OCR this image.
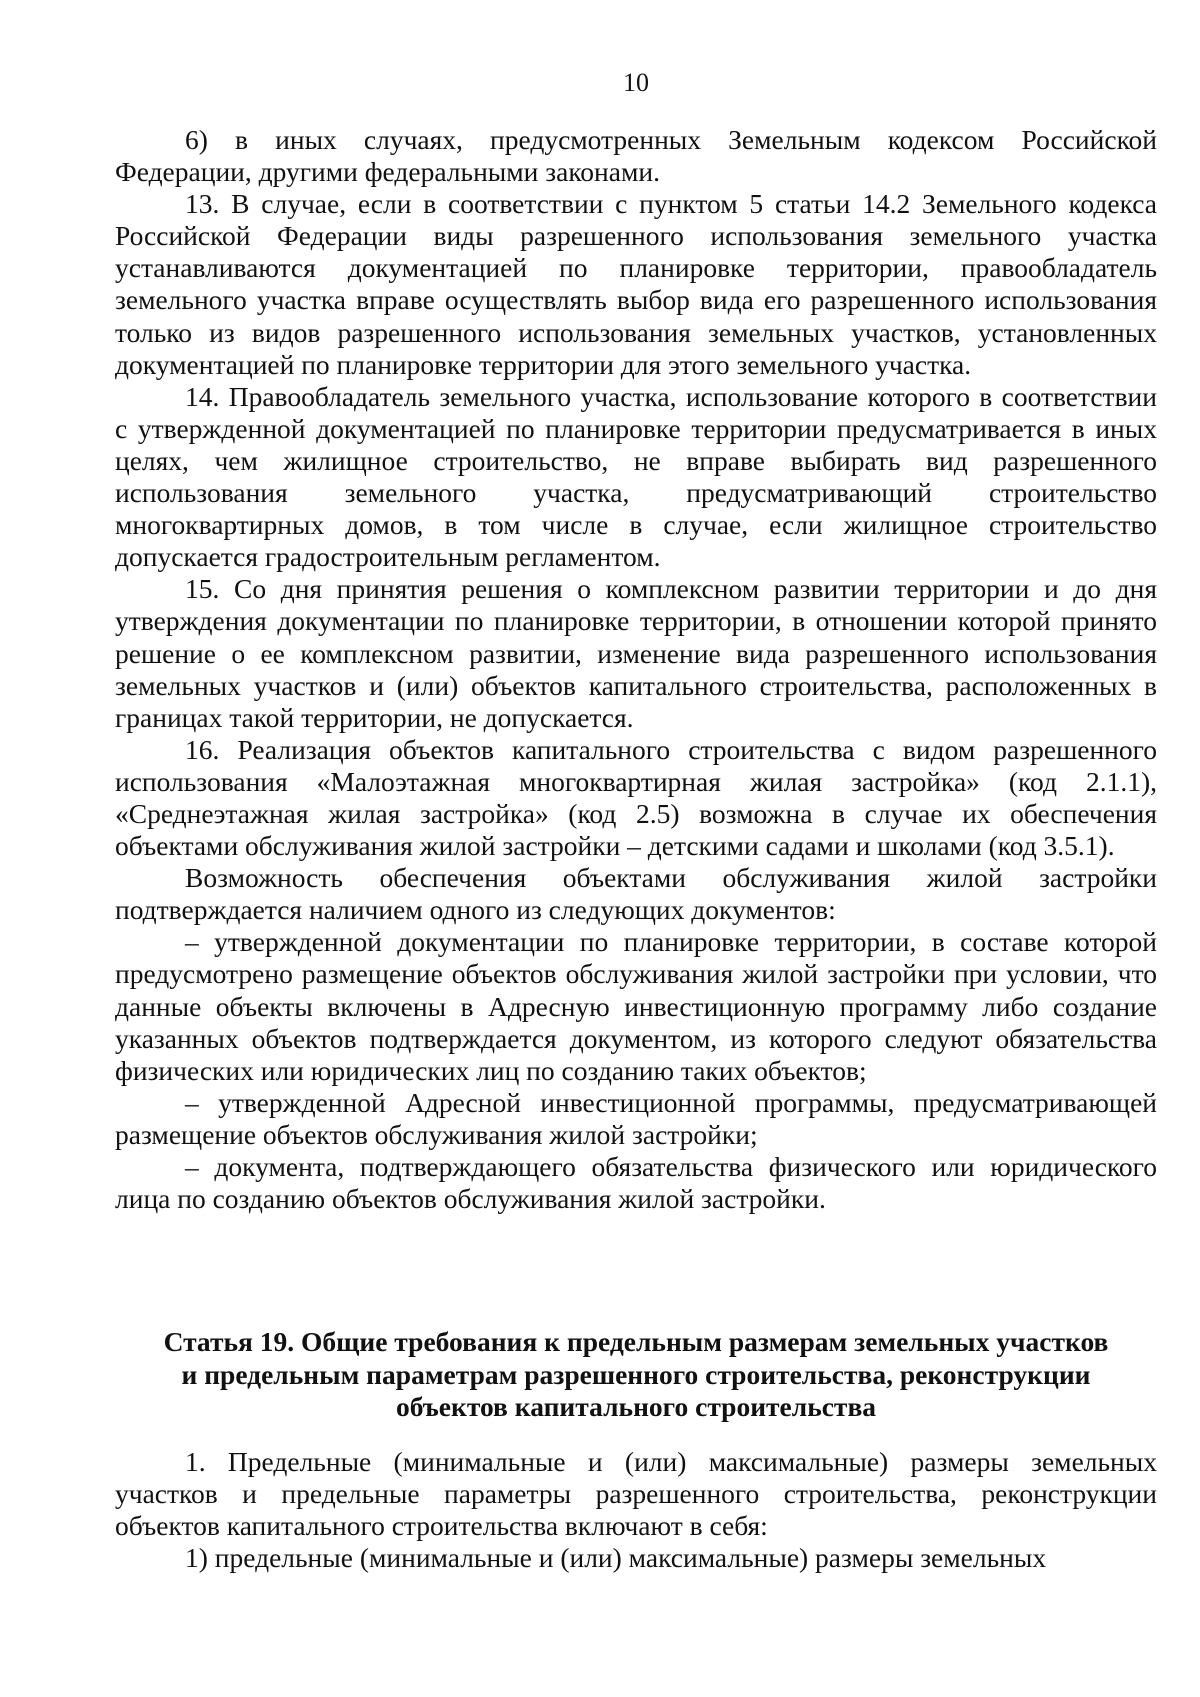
10

6) в иных случаях, предусмотренных Земельным кодексом Российской Федерации, другими федеральными законами.

13. В случае, если в соответствии с пунктом 5 статьи 14.2 Земельного кодекса Российской Федерации виды разрешенного использования земельного участка устанавливаются документацией по планировке территории, правообладатель земельного участка вправе осуществлять выбор вида его разрешенного использования только из видов разрешенного использования земельных участков, установленных документацией по планировке территории для этого земельного участка.

14. Правообладатель земельного участка, использование которого в соответствии с утвержденной документацией по планировке территории предусматривается в иных целях, чем жилищное строительство, не вправе выбирать вид разрешенного использования земельного участка, предусматривающий строительство многоквартирных домов, в том числе в случае, если жилищное строительство допускается градостроительным регламентом.

15. Со дня принятия решения о комплексном развитии территории и до дня утверждения документации по планировке территории, в отношении которой принято решение о ее комплексном развитии, изменение вида разрешенного использования земельных участков и (или) объектов капитального строительства, расположенных в границах такой территории, не допускается.

16. Реализация объектов капитального строительства с видом разрешенного использования «Малоэтажная многоквартирная жилая застройка» (код 2.1.1), «Среднеэтажная жилая застройка» (код 2.5) возможна в случае их обеспечения объектами обслуживания жилой застройки – детскими садами и школами (код 3.5.1).

Возможность обеспечения объектами обслуживания жилой застройки подтверждается наличием одного из следующих документов:

– утвержденной документации по планировке территории, в составе которой предусмотрено размещение объектов обслуживания жилой застройки при условии, что данные объекты включены в Адресную инвестиционную программу либо создание указанных объектов подтверждается документом, из которого следуют обязательства физических или юридических лиц по созданию таких объектов;

– утвержденной Адресной инвестиционной программы, предусматривающей размещение объектов обслуживания жилой застройки;

– документа, подтверждающего обязательства физического или юридического лица по созданию объектов обслуживания жилой застройки.

Статья 19. Общие требования к предельным размерам земельных участков
и предельным параметрам разрешенного строительства, реконструкции
объектов капитального строительства

1. Предельные (минимальные и (или) максимальные) размеры земельных участков и предельные параметры разрешенного строительства, реконструкции объектов капитального строительства включают в себя:

1) предельные (минимальные и (или) максимальные) размеры земельных
